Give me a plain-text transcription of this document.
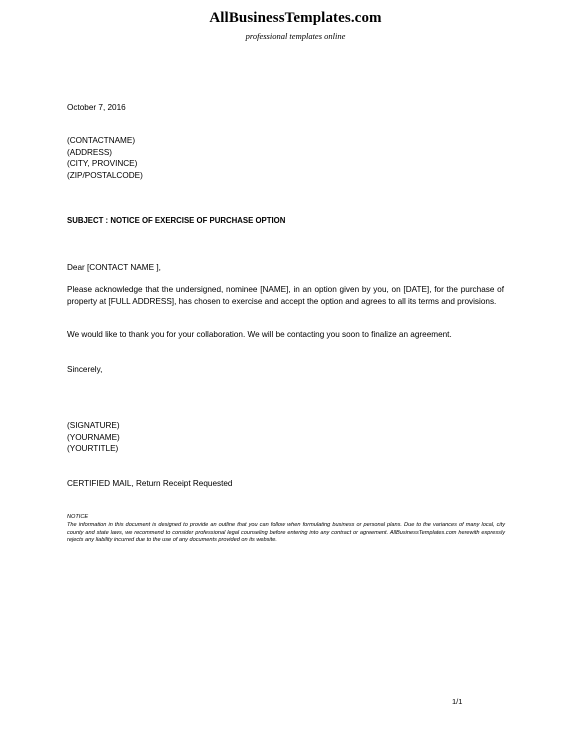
AllBusinessTemplates.com
professional templates online
October 7, 2016
(CONTACTNAME)
(ADDRESS)
(CITY, PROVINCE)
(ZIP/POSTALCODE)
SUBJECT : NOTICE OF EXERCISE OF PURCHASE OPTION
Dear [CONTACT NAME ],
Please acknowledge that the undersigned, nominee [NAME], in an option given by you, on [DATE], for the purchase of property at [FULL ADDRESS], has chosen to exercise and accept the option and agrees to all its terms and provisions.
We would like to thank you for your collaboration. We will be contacting you soon to finalize an agreement.
Sincerely,
(SIGNATURE)
(YOURNAME)
(YOURTITLE)
CERTIFIED MAIL, Return Receipt Requested
NOTICE
The information in this document is designed to provide an outline that you can follow when formulating business or personal plans. Due to the variances of many local, city county and state laws, we recommend to consider professional legal counseling before entering into any contract or agreement. AllBusinessTemplates.com herewith expressly rejects any liability incurred due to the use of any documents provided on its website.
1/1
